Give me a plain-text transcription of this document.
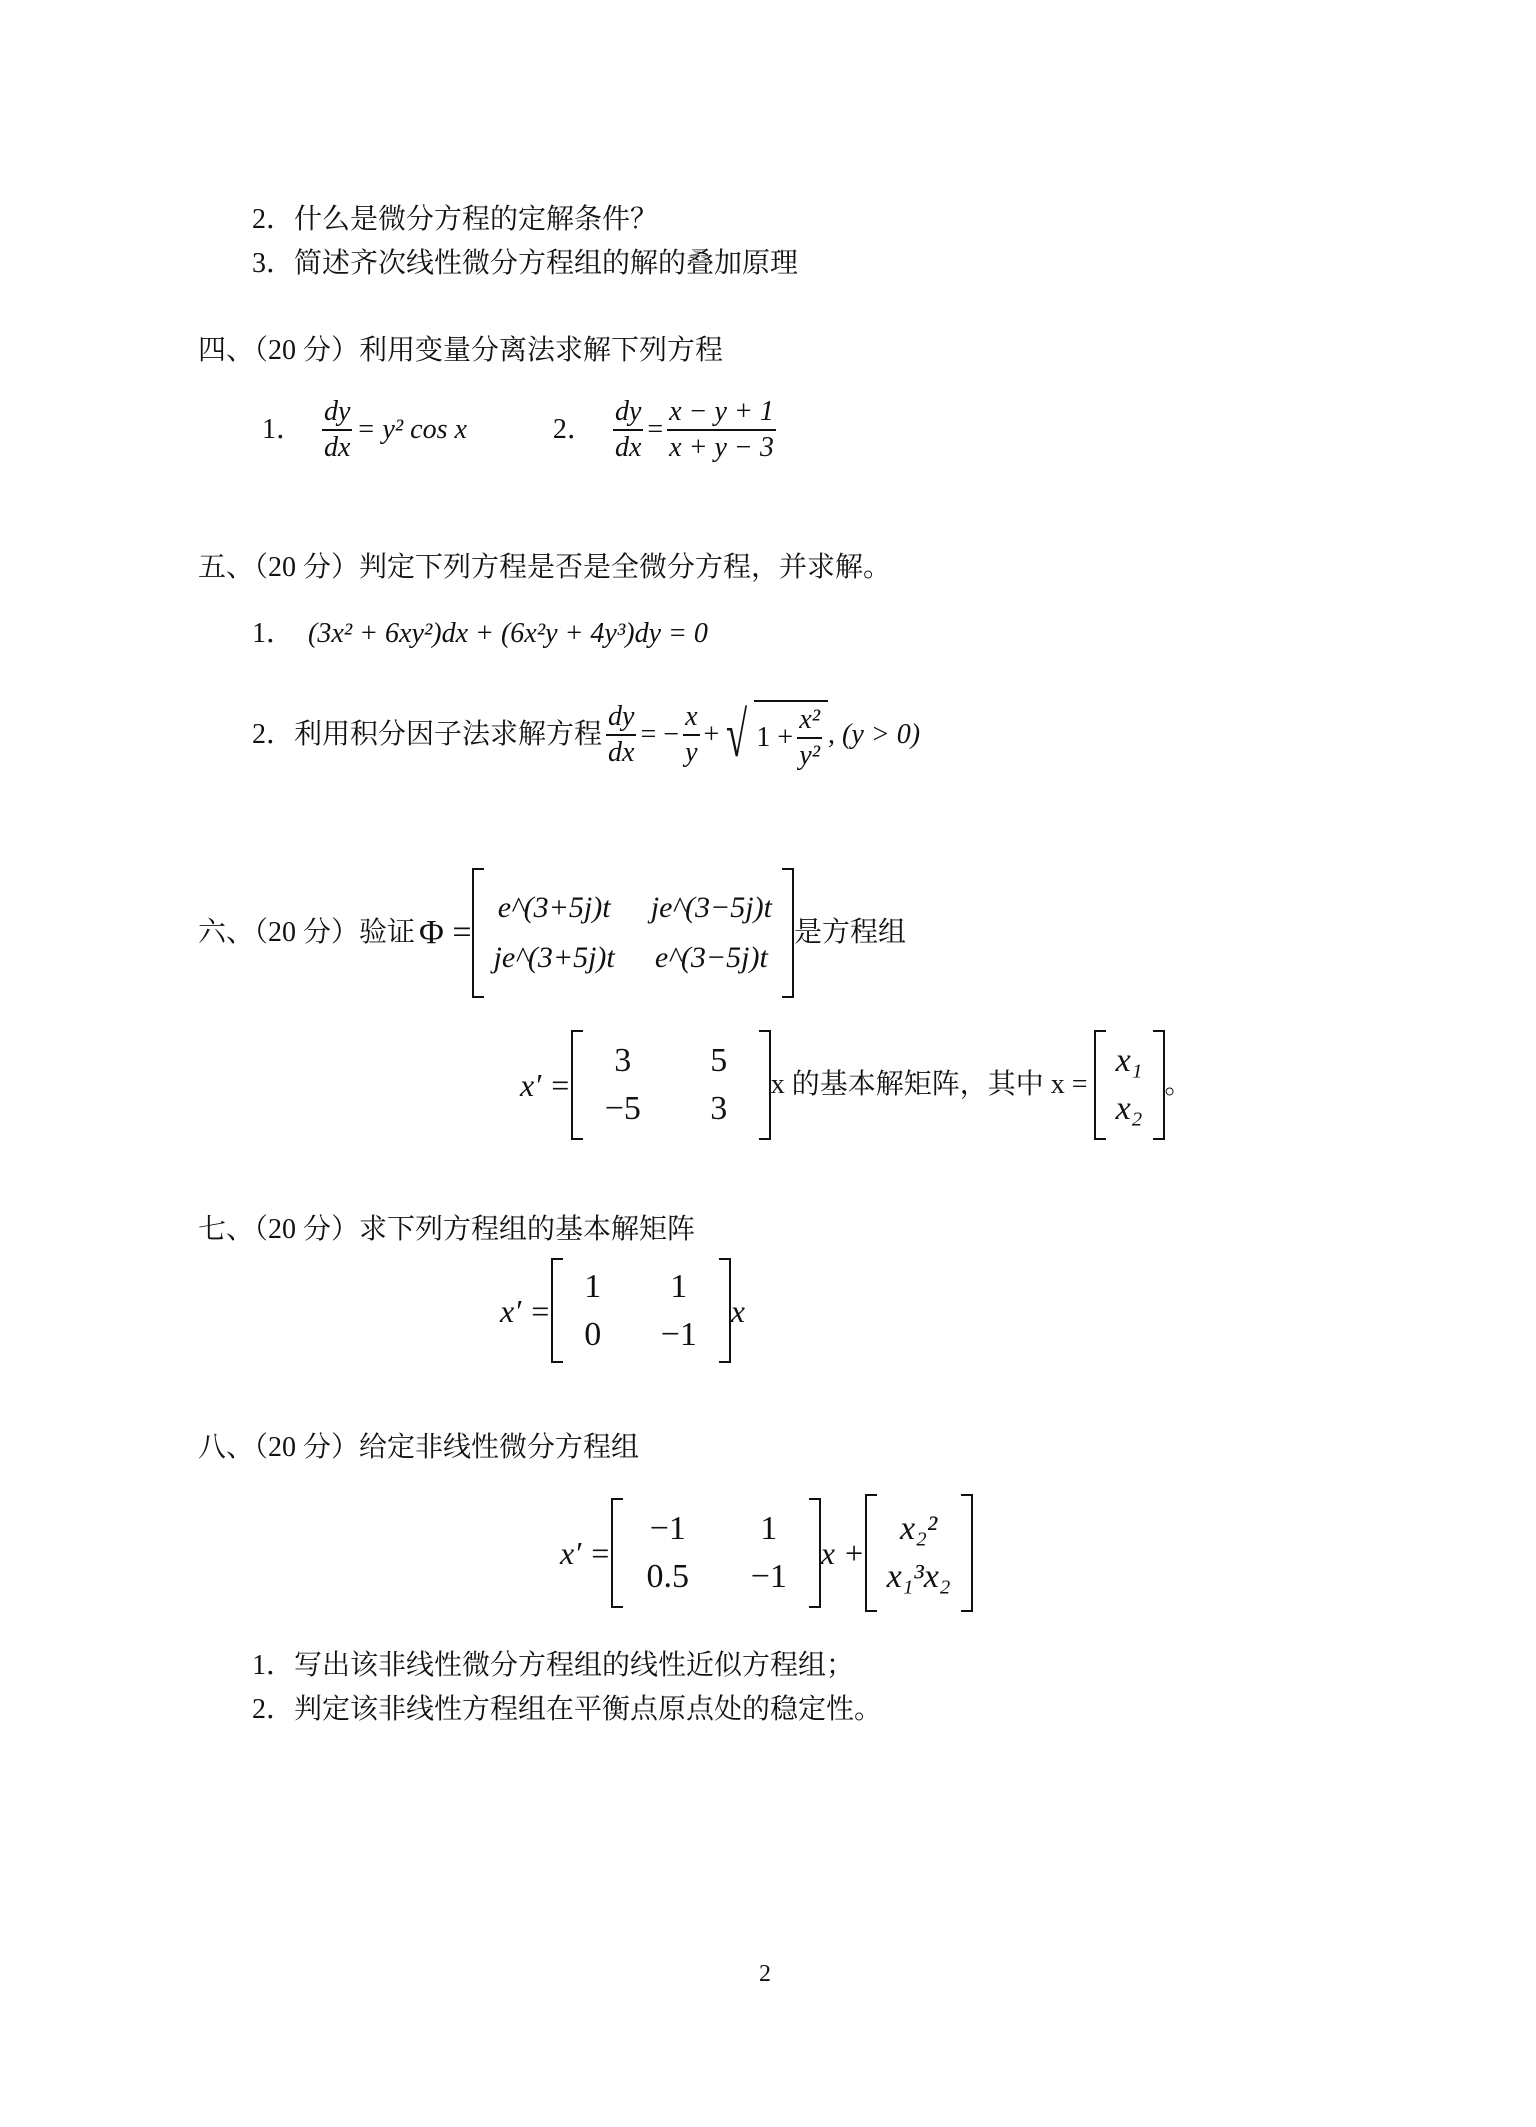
2．什么是微分方程的定解条件？
3．简述齐次线性微分方程组的解的叠加原理
四、（20 分）利用变量分离法求解下列方程
1． $\frac{dy}{dx} = y^2$ cos x	2． $\frac{dy}{dx} = \frac{x - y + 1}{x + y - 3}$
五、（20 分）判定下列方程是否是全微分方程，并求解。
1． (3x² + 6xy²)dx + (6x²y + 4y³)dy = 0
2． 利用积分因子法求解方程 $\frac{dy}{dx}$ = − $\frac{x}{y}$ + √ $1 + \frac{\text{x²}}{\text{y²}}$ , (y > 0)
六、（20 分）验证 Φ =
e^(3+5j)t je^(3−5j)t
je^(3+5j)t e^(3−5j)t
是方程组
x′ =
3	5
−5	3
x 的基本解矩阵，其中 x =
x₁
x₂
。
七、（20 分）求下列方程组的基本解矩阵
x′ =
1	1
0	−1
x
八、（20 分）给定非线性微分方程组
x′ =
−1	1
0.5	−1
x +
x₂²
x₁³x₂
1．写出该非线性微分方程组的线性近似方程组；
2．判定该非线性方程组在平衡点原点处的稳定性。
2
